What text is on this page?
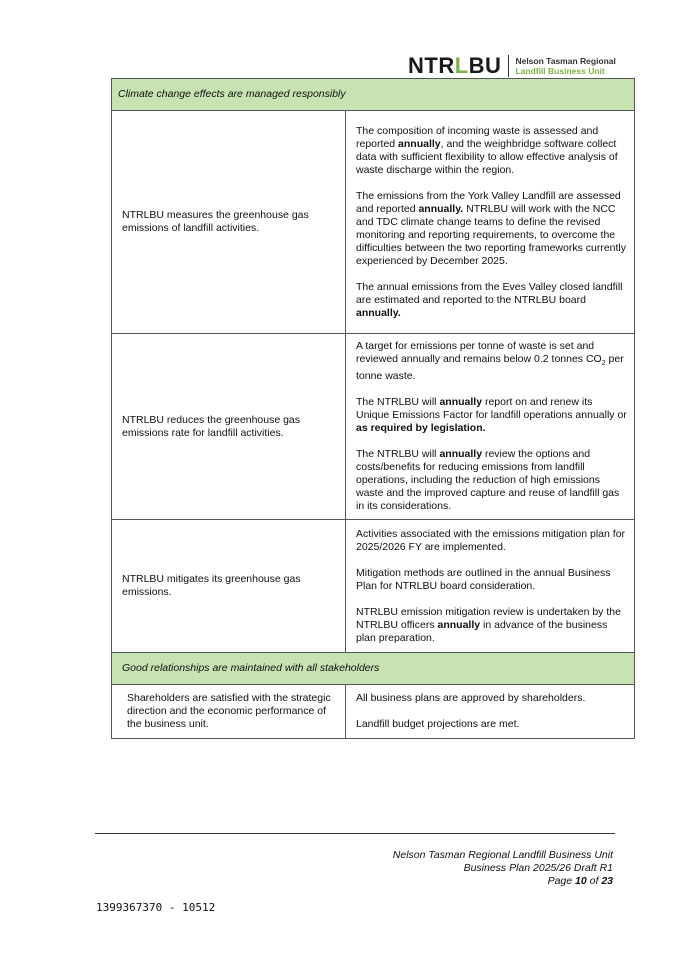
NTRLBU Nelson Tasman Regional
Landfill Business Unit
Climate change effects are managed responsibly	
NTRLBU measures the greenhouse gas emissions of landfill activities.	The composition of incoming waste is assessed and reported annually, and the weighbridge software collect data with sufficient flexibility to allow effective analysis of waste discharge within the region.

The emissions from the York Valley Landfill are assessed and reported annually. NTRLBU will work with the NCC and TDC climate change teams to define the revised monitoring and reporting requirements, to overcome the difficulties between the two reporting frameworks currently experienced by December 2025.

The annual emissions from the Eves Valley closed landfill are estimated and reported to the NTRLBU board annually.

NTRLBU reduces the greenhouse gas emissions rate for landfill activities.	A target for emissions per tonne of waste is set and reviewed annually and remains below 0.2 tonnes $CO_2$ per tonne waste.

The NTRLBU will annually report on and renew its Unique Emissions Factor for landfill operations annually or as required by legislation.

The NTRLBU will annually review the options and costs/benefits for reducing emissions from landfill operations, including the reduction of high emissions waste and the improved capture and reuse of landfill gas in its considerations.

NTRLBU mitigates its greenhouse gas emissions.	Activities associated with the emissions mitigation plan for 2025/2026 FY are implemented.

Mitigation methods are outlined in the annual Business Plan for NTRLBU board consideration.

NTRLBU emission mitigation review is undertaken by the NTRLBU officers annually in advance of the business plan preparation.

Good relationships are maintained with all stakeholders	
Shareholders are satisfied with the strategic direction and the economic performance of the business unit.	All business plans are approved by shareholders.

Landfill budget projections are met.

Nelson Tasman Regional Landfill Business Unit
Business Plan 2025/26 Draft R1
Page 10 of 23
1399367370 - 10512
